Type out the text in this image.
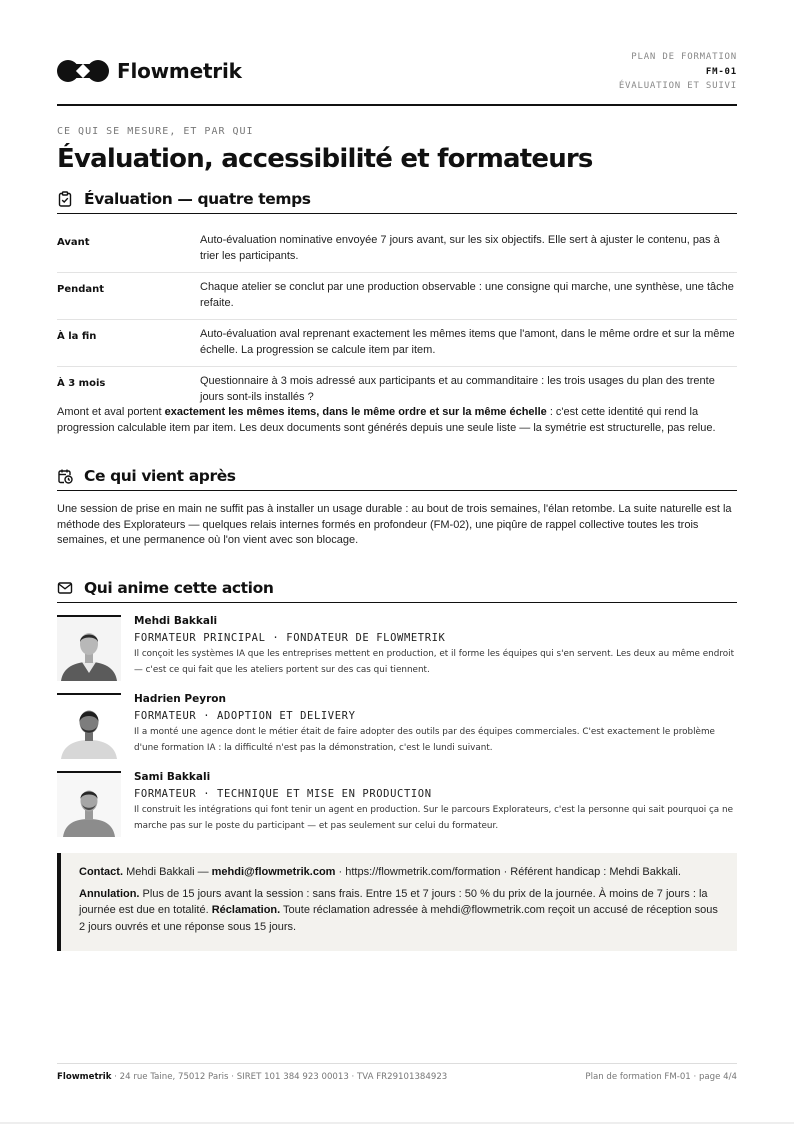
Flowmetrik
PLAN DE FORMATION
FM-01
ÉVALUATION ET SUIVI
CE QUI SE MESURE, ET PAR QUI
Évaluation, accessibilité et formateurs
Évaluation — quatre temps
Avant	Auto-évaluation nominative envoyée 7 jours avant, sur les six objectifs. Elle sert à ajuster le contenu, pas à trier les participants.
Pendant	Chaque atelier se conclut par une production observable : une consigne qui marche, une synthèse, une tâche refaite.
À la fin	Auto-évaluation aval reprenant exactement les mêmes items que l'amont, dans le même ordre et sur la même échelle. La progression se calcule item par item.
À 3 mois	Questionnaire à 3 mois adressé aux participants et au commanditaire : les trois usages du plan des trente jours sont-ils installés ?

Amont et aval portent exactement les mêmes items, dans le même ordre et sur la même échelle : c'est cette identité qui rend la progression calculable item par item. Les deux documents sont générés depuis une seule liste — la symétrie est structurelle, pas relue.

Ce qui vient après

Une session de prise en main ne suffit pas à installer un usage durable : au bout de trois semaines, l'élan retombe. La suite naturelle est la méthode des Explorateurs — quelques relais internes formés en profondeur (FM-02), une piqûre de rappel collective toutes les trois semaines, et une permanence où l'on vient avec son blocage.

Qui anime cette action
Mehdi Bakkali
FORMATEUR PRINCIPAL · FONDATEUR DE FLOWMETRIK
Il conçoit les systèmes IA que les entreprises mettent en production, et il forme les équipes qui s'en servent. Les deux au même endroit — c'est ce qui fait que les ateliers portent sur des cas qui tiennent.
Hadrien Peyron
FORMATEUR · ADOPTION ET DELIVERY
Il a monté une agence dont le métier était de faire adopter des outils par des équipes commerciales. C'est exactement le problème d'une formation IA : la difficulté n'est pas la démonstration, c'est le lundi suivant.
Sami Bakkali
FORMATEUR · TECHNIQUE ET MISE EN PRODUCTION
Il construit les intégrations qui font tenir un agent en production. Sur le parcours Explorateurs, c'est la personne qui sait pourquoi ça ne marche pas sur le poste du participant — et pas seulement sur celui du formateur.

Contact. Mehdi Bakkali — mehdi@flowmetrik.com · https://flowmetrik.com/formation · Référent handicap : Mehdi Bakkali.

Annulation. Plus de 15 jours avant la session : sans frais. Entre 15 et 7 jours : 50 % du prix de la journée. À moins de 7 jours : la journée est due en totalité. Réclamation. Toute réclamation adressée à mehdi@flowmetrik.com reçoit un accusé de réception sous 2 jours ouvrés et une réponse sous 15 jours.

Flowmetrik · 24 rue Taine, 75012 Paris · SIRET 101 384 923 00013 · TVA FR29101384923	Plan de formation FM-01 · page 4/4
